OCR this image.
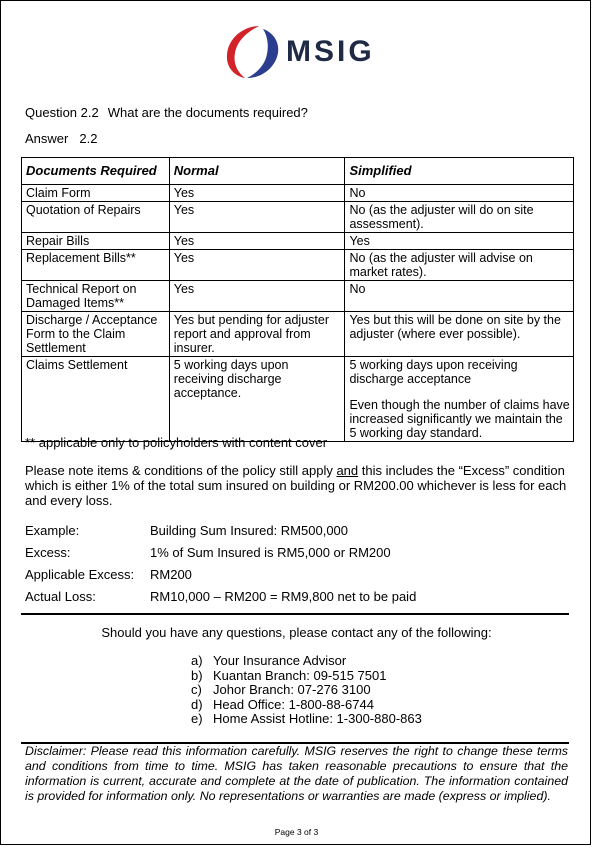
MSIG
Question 2.2 What are the documents required?
Answer 2.2
Documents Required	Normal	Simplified
Claim Form	Yes	No
Quotation of Repairs	Yes	No (as the adjuster will do on site assessment).
Repair Bills	Yes	Yes
Replacement Bills**	Yes	No (as the adjuster will advise on market rates).
Technical Report on Damaged Items**	Yes	No
Discharge / Acceptance Form to the Claim Settlement	Yes but pending for adjuster report and approval from insurer.	Yes but this will be done on site by the adjuster (where ever possible).
Claims Settlement	5 working days upon receiving discharge acceptance.	5 working days upon receiving discharge acceptance
Even though the number of claims have increased significantly we maintain the 5 working day standard.
** applicable only to policyholders with content cover
Please note items & conditions of the policy still apply and this includes the “Excess” condition which is either 1% of the total sum insured on building or RM200.00 whichever is less for each and every loss.
Example:	Building Sum Insured: RM500,000
Excess:	1% of Sum Insured is RM5,000 or RM200
Applicable Excess: RM200
Actual Loss:	RM10,000 – RM200 = RM9,800 net to be paid
Should you have any questions, please contact any of the following:
a) Your Insurance Advisor
b) Kuantan Branch: 09-515 7501
c) Johor Branch: 07-276 3100
d) Head Office: 1-800-88-6744
e) Home Assist Hotline: 1-300-880-863
Disclaimer: Please read this information carefully. MSIG reserves the right to change these terms and conditions from time to time. MSIG has taken reasonable precautions to ensure that the information is current, accurate and complete at the date of publication. The information contained is provided for information only. No representations or warranties are made (express or implied).
Page 3 of 3
